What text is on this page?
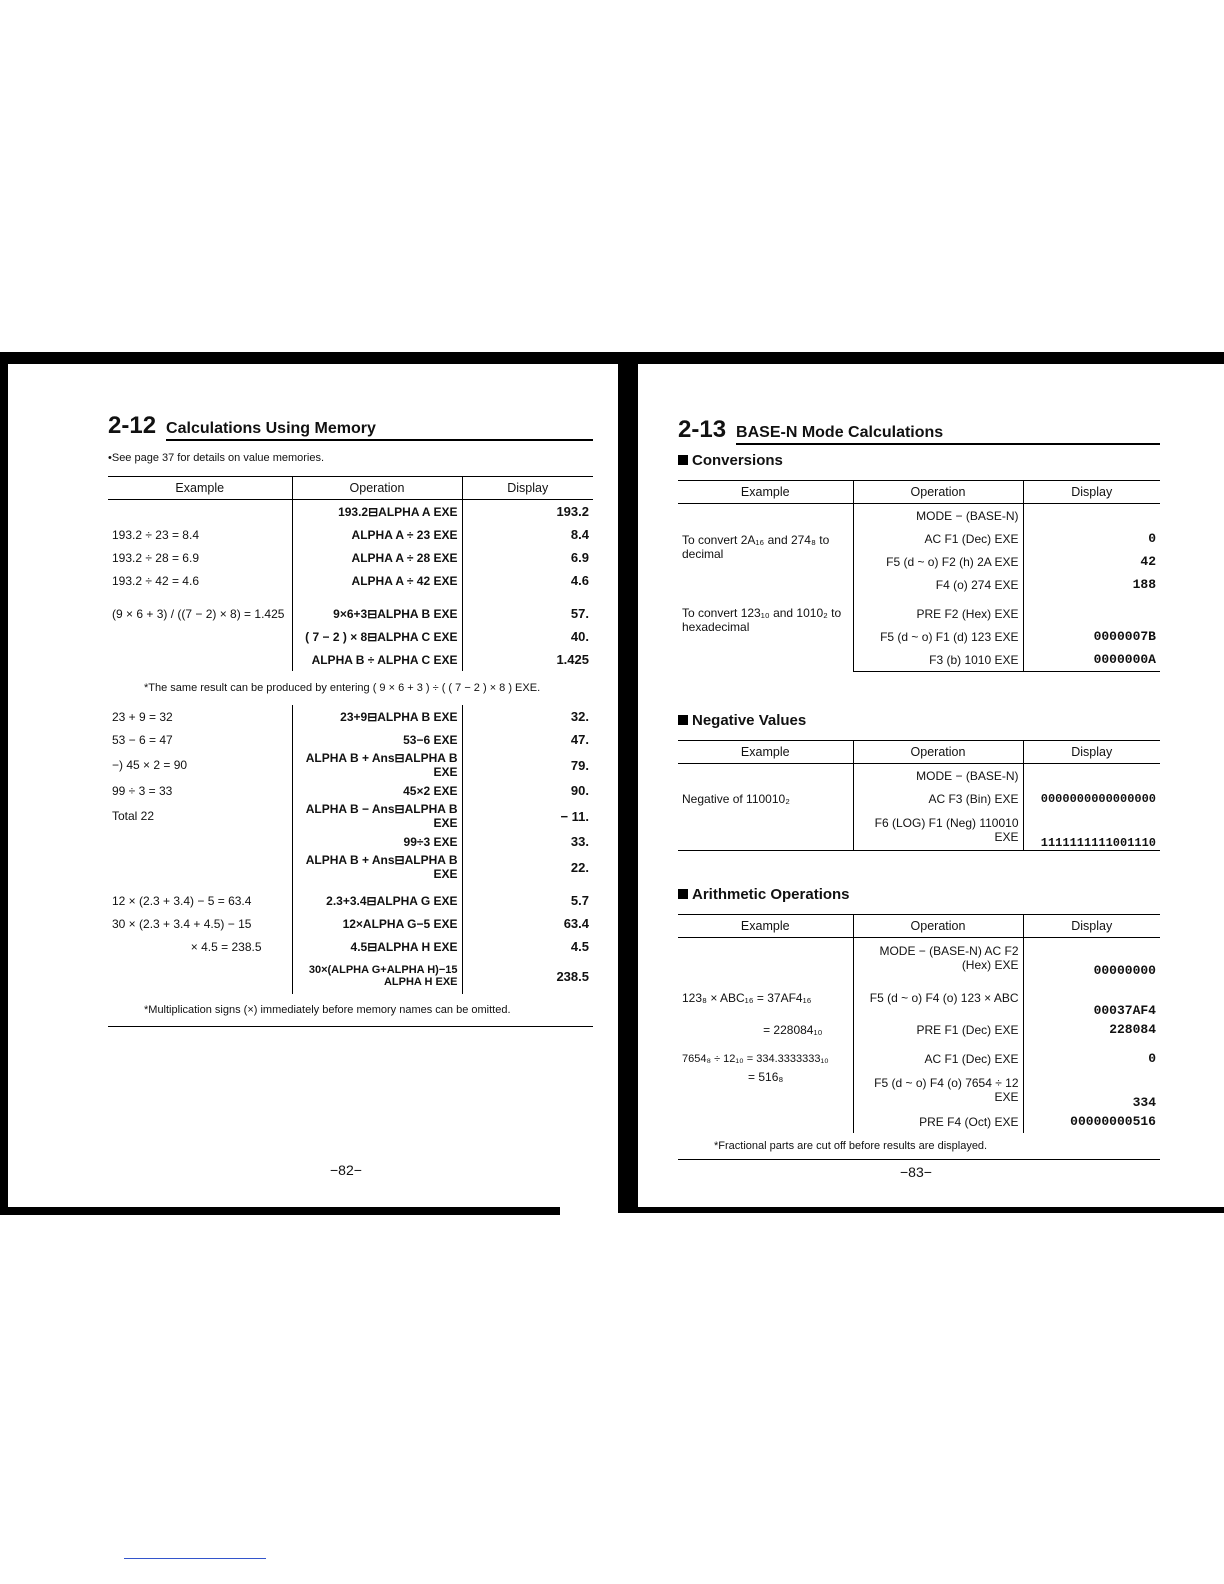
2-12 Calculations Using Memory
•See page 37 for details on value memories.
Example	Operation	Display
	193.2⊟ALPHA A EXE	193.2
193.2 ÷ 23 = 8.4	ALPHA A ÷ 23 EXE	8.4
193.2 ÷ 28 = 6.9	ALPHA A ÷ 28 EXE	6.9
193.2 ÷ 42 = 4.6	ALPHA A ÷ 42 EXE	4.6

(9 × 6 + 3) / ((7 − 2) × 8) = 1.425	9×6+3⊟ALPHA B EXE	57.
	( 7 − 2 ) × 8⊟ALPHA C EXE	40.
	ALPHA B ÷ ALPHA C EXE	1.425
*The same result can be produced by entering ( 9 × 6 + 3 ) ÷ ( ( 7 − 2 ) × 8 ) EXE.		
23 + 9 = 32	23+9⊟ALPHA B EXE	32.
53 − 6 = 47	53−6 EXE	47.
−) 45 × 2 = 90	ALPHA B + Ans⊟ALPHA B EXE	79.
99 ÷ 3 = 33	45×2 EXE	90.
Total 22	ALPHA B − Ans⊟ALPHA B EXE	− 11.
	99÷3 EXE	33.
	ALPHA B + Ans⊟ALPHA B EXE	22.

12 × (2.3 + 3.4) − 5 = 63.4	2.3+3.4⊟ALPHA G EXE	5.7
30 × (2.3 + 3.4 + 4.5) − 15	12×ALPHA G−5 EXE	63.4
× 4.5 = 238.5	4.5⊟ALPHA H EXE	4.5
	30×(ALPHA G+ALPHA H)−15 ALPHA H EXE	238.5
*Multiplication signs (×) immediately before memory names can be omitted.		
−82−
2-13 BASE-N Mode Calculations
Conversions
Example	Operation	Display
	MODE − (BASE-N)	
To convert 2A₁₆ and 274₈ to decimal	AC F1 (Dec) EXE	0
	F5 (d ~ o) F2 (h) 2A EXE	42
	F4 (o) 274 EXE	188

To convert 123₁₀ and 1010₂ to hexadecimal	PRE F2 (Hex) EXE	
	F5 (d ~ o) F1 (d) 123 EXE	0000007B
	F3 (b) 1010 EXE	0000000A
Negative Values
Example	Operation	Display
	MODE − (BASE-N)	
Negative of 110010₂	AC F3 (Bin) EXE	0000000000000000
	F6 (LOG) F1 (Neg) 110010 EXE	1111111111001110
Arithmetic Operations
Example	Operation	Display
	MODE − (BASE-N) AC F2 (Hex) EXE	00000000
123₈ × ABC₁₆ = 37AF4₁₆	F5 (d ~ o) F4 (o) 123 × ABC	00037AF4
= 228084₁₀	PRE F1 (Dec) EXE	228084

7654₈ ÷ 12₁₀ = 334.3333333₁₀	AC F1 (Dec) EXE	0
= 516₈	F5 (d ~ o) F4 (o) 7654 ÷ 12 EXE	334
	PRE F4 (Oct) EXE	00000000516
*Fractional parts are cut off before results are displayed.		
−83−
